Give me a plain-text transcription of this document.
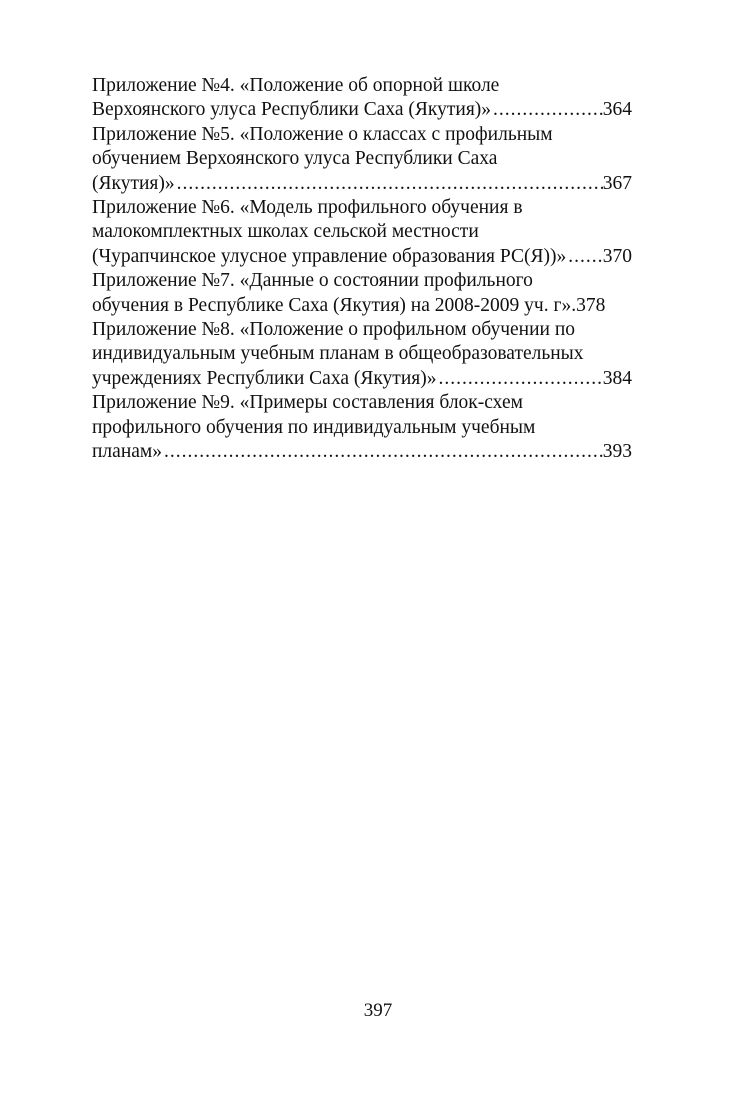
Приложение №4. «Положение об опорной школе
Верхоянского улуса Республики Саха (Якутия)» .....	364
Приложение №5. «Положение о классах с профильным
обучением Верхоянского улуса Республики Саха
(Якутия)» .....	367
Приложение №6. «Модель профильного обучения в
малокомплектных школах сельской местности
(Чурапчинское улусное управление образования РС(Я))» ..... 370
Приложение №7. «Данные о состоянии профильного
обучения в Республике Саха (Якутия) на 2008-2009 уч. г». 378
Приложение №8. «Положение о профильном обучении по
индивидуальным учебным планам в общеобразовательных
учреждениях Республики Саха (Якутия)» .....	384
Приложение №9. «Примеры составления блок-схем
профильного обучения по индивидуальным учебным
планам» .....	393
397
